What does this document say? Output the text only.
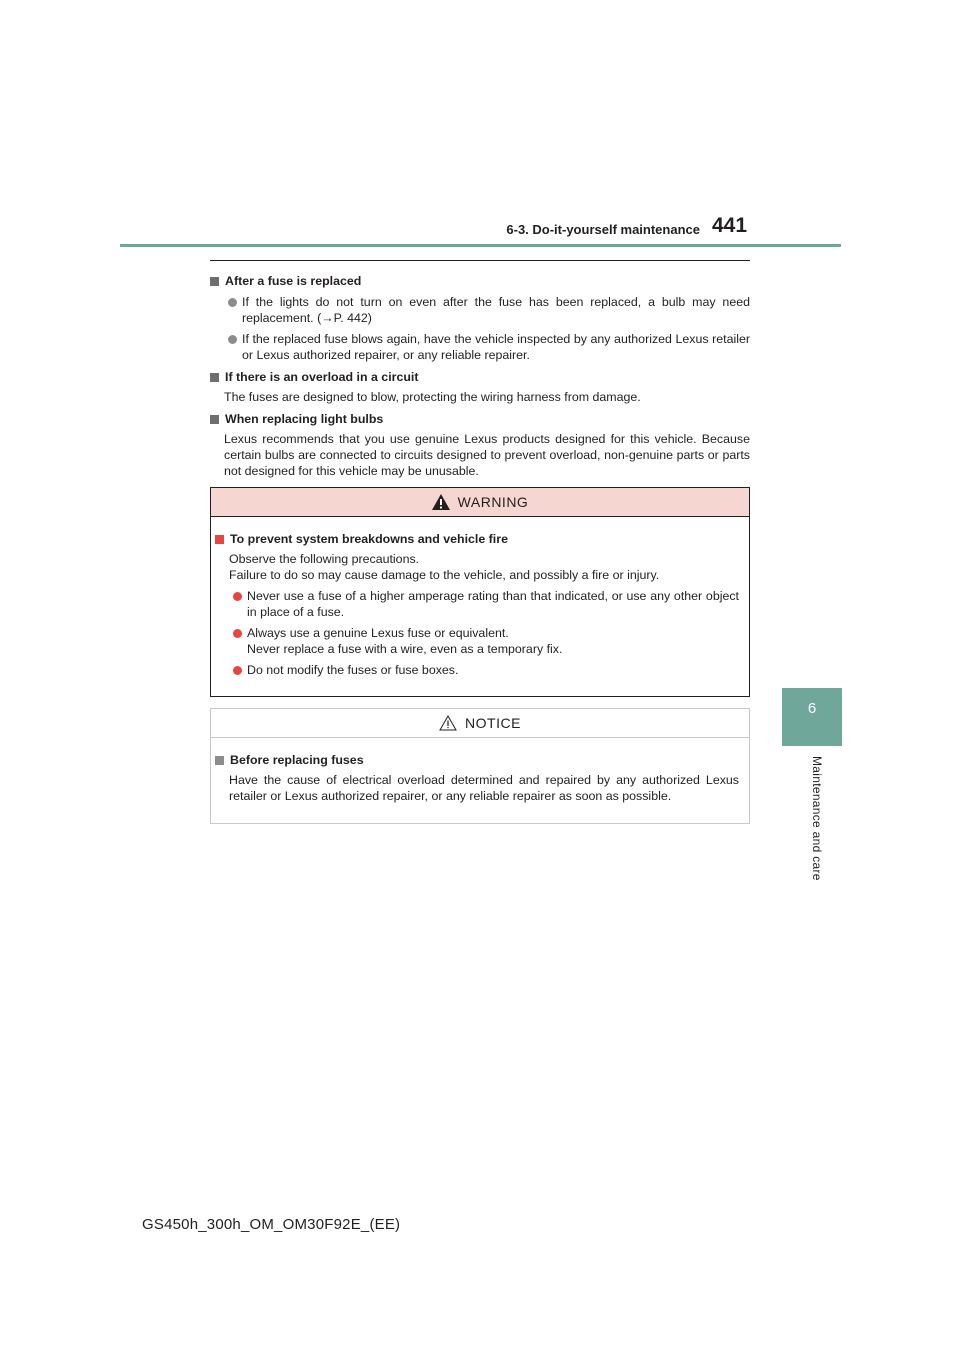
6-3. Do-it-yourself maintenance 441
6
Maintenance and care
After a fuse is replaced
If the lights do not turn on even after the fuse has been replaced, a bulb may need replacement. (→P. 442)
If the replaced fuse blows again, have the vehicle inspected by any authorized Lexus retailer or Lexus authorized repairer, or any reliable repairer.
If there is an overload in a circuit
The fuses are designed to blow, protecting the wiring harness from damage.
When replacing light bulbs
Lexus recommends that you use genuine Lexus products designed for this vehicle. Because certain bulbs are connected to circuits designed to prevent overload, non-genuine parts or parts not designed for this vehicle may be unusable.
WARNING
To prevent system breakdowns and vehicle fire
Observe the following precautions.
Failure to do so may cause damage to the vehicle, and possibly a fire or injury.
Never use a fuse of a higher amperage rating than that indicated, or use any other object in place of a fuse.
Always use a genuine Lexus fuse or equivalent.
Never replace a fuse with a wire, even as a temporary fix.
Do not modify the fuses or fuse boxes.
NOTICE
Before replacing fuses
Have the cause of electrical overload determined and repaired by any authorized Lexus retailer or Lexus authorized repairer, or any reliable repairer as soon as possible.
GS450h_300h_OM_OM30F92E_(EE)
